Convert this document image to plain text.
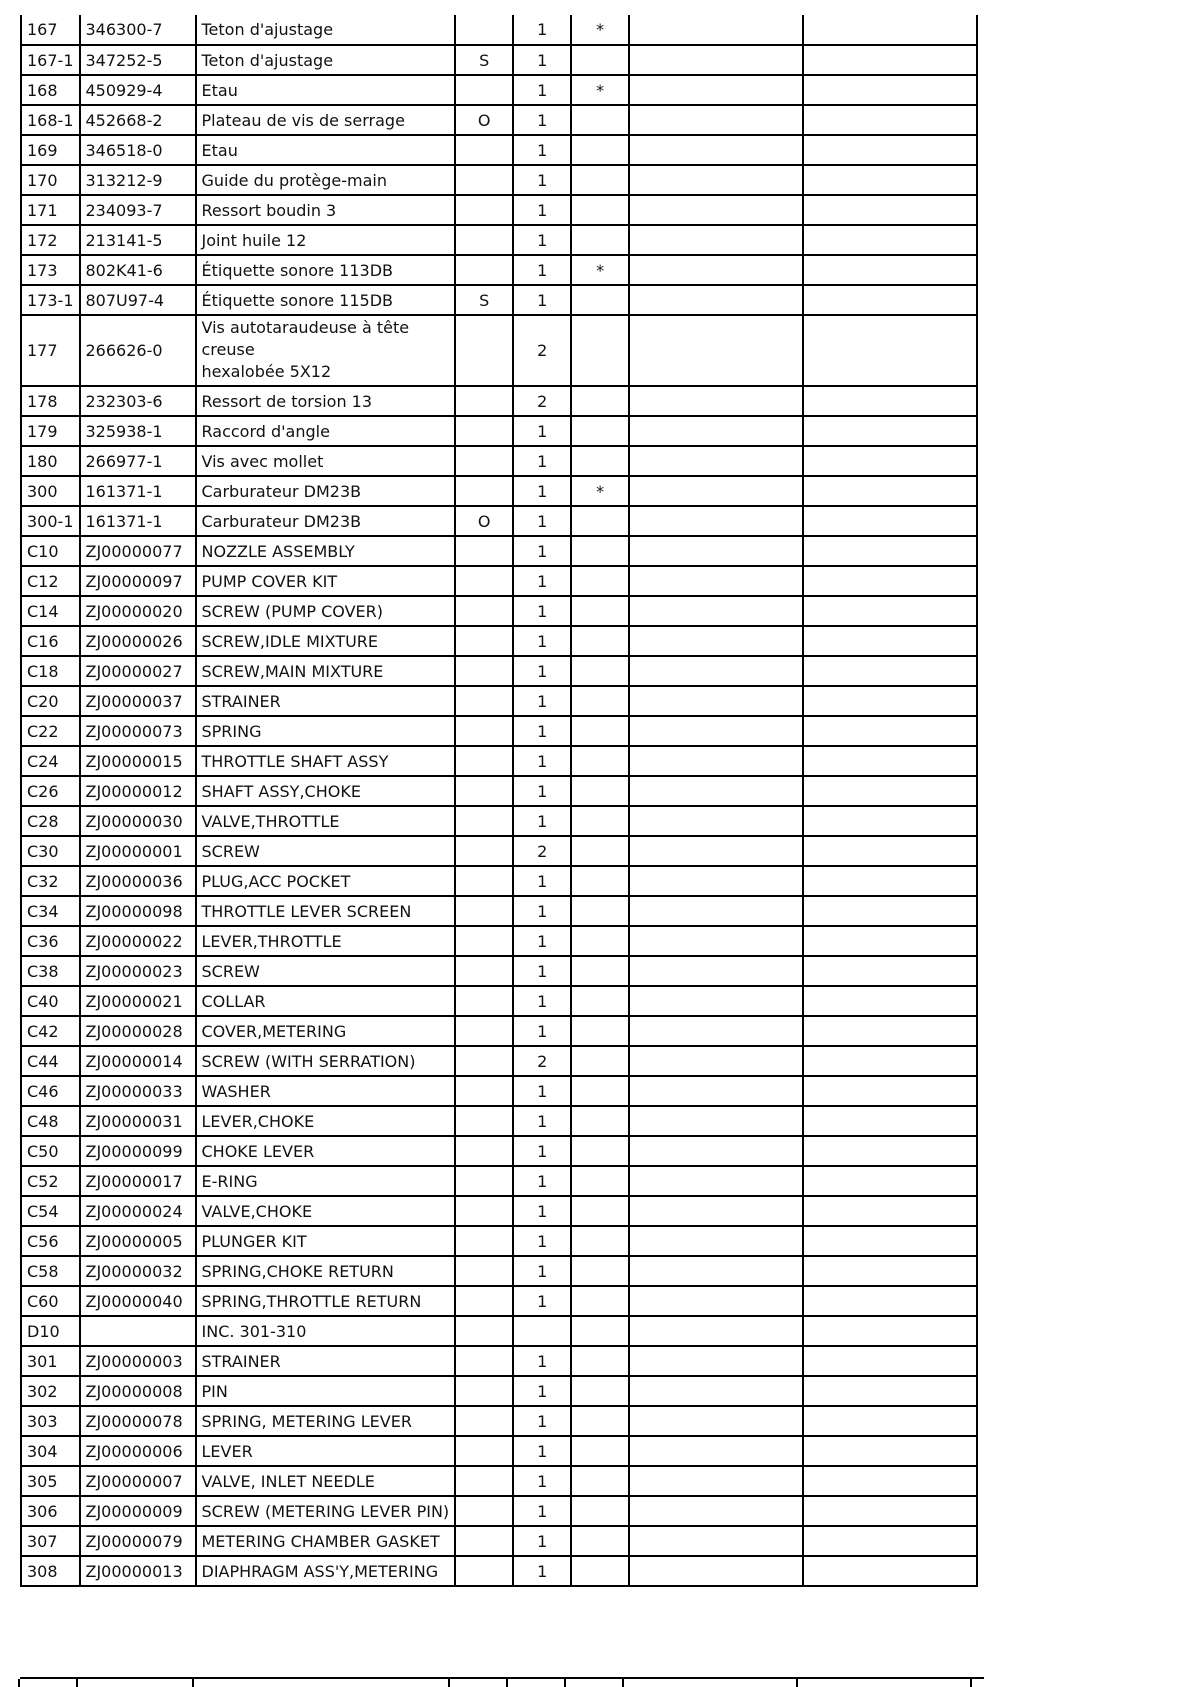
167	346300-7	Teton d'ajustage		1	*		
167-1	347252-5	Teton d'ajustage	S	1			
168	450929-4	Etau		1	*		
168-1	452668-2	Plateau de vis de serrage	O	1			
169	346518-0	Etau		1			
170	313212-9	Guide du protège-main		1			
171	234093-7	Ressort boudin 3		1			
172	213141-5	Joint huile 12		1			
173	802K41-6	Étiquette sonore 113DB		1	*		
173-1	807U97-4	Étiquette sonore 115DB	S	1			
177	266626-0	Vis autotaraudeuse à tête creuse
hexalobée 5X12		2			
178	232303-6	Ressort de torsion 13		2			
179	325938-1	Raccord d'angle		1			
180	266977-1	Vis avec mollet		1			
300	161371-1	Carburateur DM23B		1	*		
300-1	161371-1	Carburateur DM23B	O	1			
C10	ZJ00000077	NOZZLE ASSEMBLY		1			
C12	ZJ00000097	PUMP COVER KIT		1			
C14	ZJ00000020	SCREW (PUMP COVER)		1			
C16	ZJ00000026	SCREW,IDLE MIXTURE		1			
C18	ZJ00000027	SCREW,MAIN MIXTURE		1			
C20	ZJ00000037	STRAINER		1			
C22	ZJ00000073	SPRING		1			
C24	ZJ00000015	THROTTLE SHAFT ASSY		1			
C26	ZJ00000012	SHAFT ASSY,CHOKE		1			
C28	ZJ00000030	VALVE,THROTTLE		1			
C30	ZJ00000001	SCREW		2			
C32	ZJ00000036	PLUG,ACC POCKET		1			
C34	ZJ00000098	THROTTLE LEVER SCREEN		1			
C36	ZJ00000022	LEVER,THROTTLE		1			
C38	ZJ00000023	SCREW		1			
C40	ZJ00000021	COLLAR		1			
C42	ZJ00000028	COVER,METERING		1			
C44	ZJ00000014	SCREW (WITH SERRATION)		2			
C46	ZJ00000033	WASHER		1			
C48	ZJ00000031	LEVER,CHOKE		1			
C50	ZJ00000099	CHOKE LEVER		1			
C52	ZJ00000017	E-RING		1			
C54	ZJ00000024	VALVE,CHOKE		1			
C56	ZJ00000005	PLUNGER KIT		1			
C58	ZJ00000032	SPRING,CHOKE RETURN		1			
C60	ZJ00000040	SPRING,THROTTLE RETURN		1			
D10		INC. 301-310					
301	ZJ00000003	STRAINER		1			
302	ZJ00000008	PIN		1			
303	ZJ00000078	SPRING, METERING LEVER		1			
304	ZJ00000006	LEVER		1			
305	ZJ00000007	VALVE, INLET NEEDLE		1			
306	ZJ00000009	SCREW (METERING LEVER PIN)		1			
307	ZJ00000079	METERING CHAMBER GASKET		1			
308	ZJ00000013	DIAPHRAGM ASS'Y,METERING		1			
